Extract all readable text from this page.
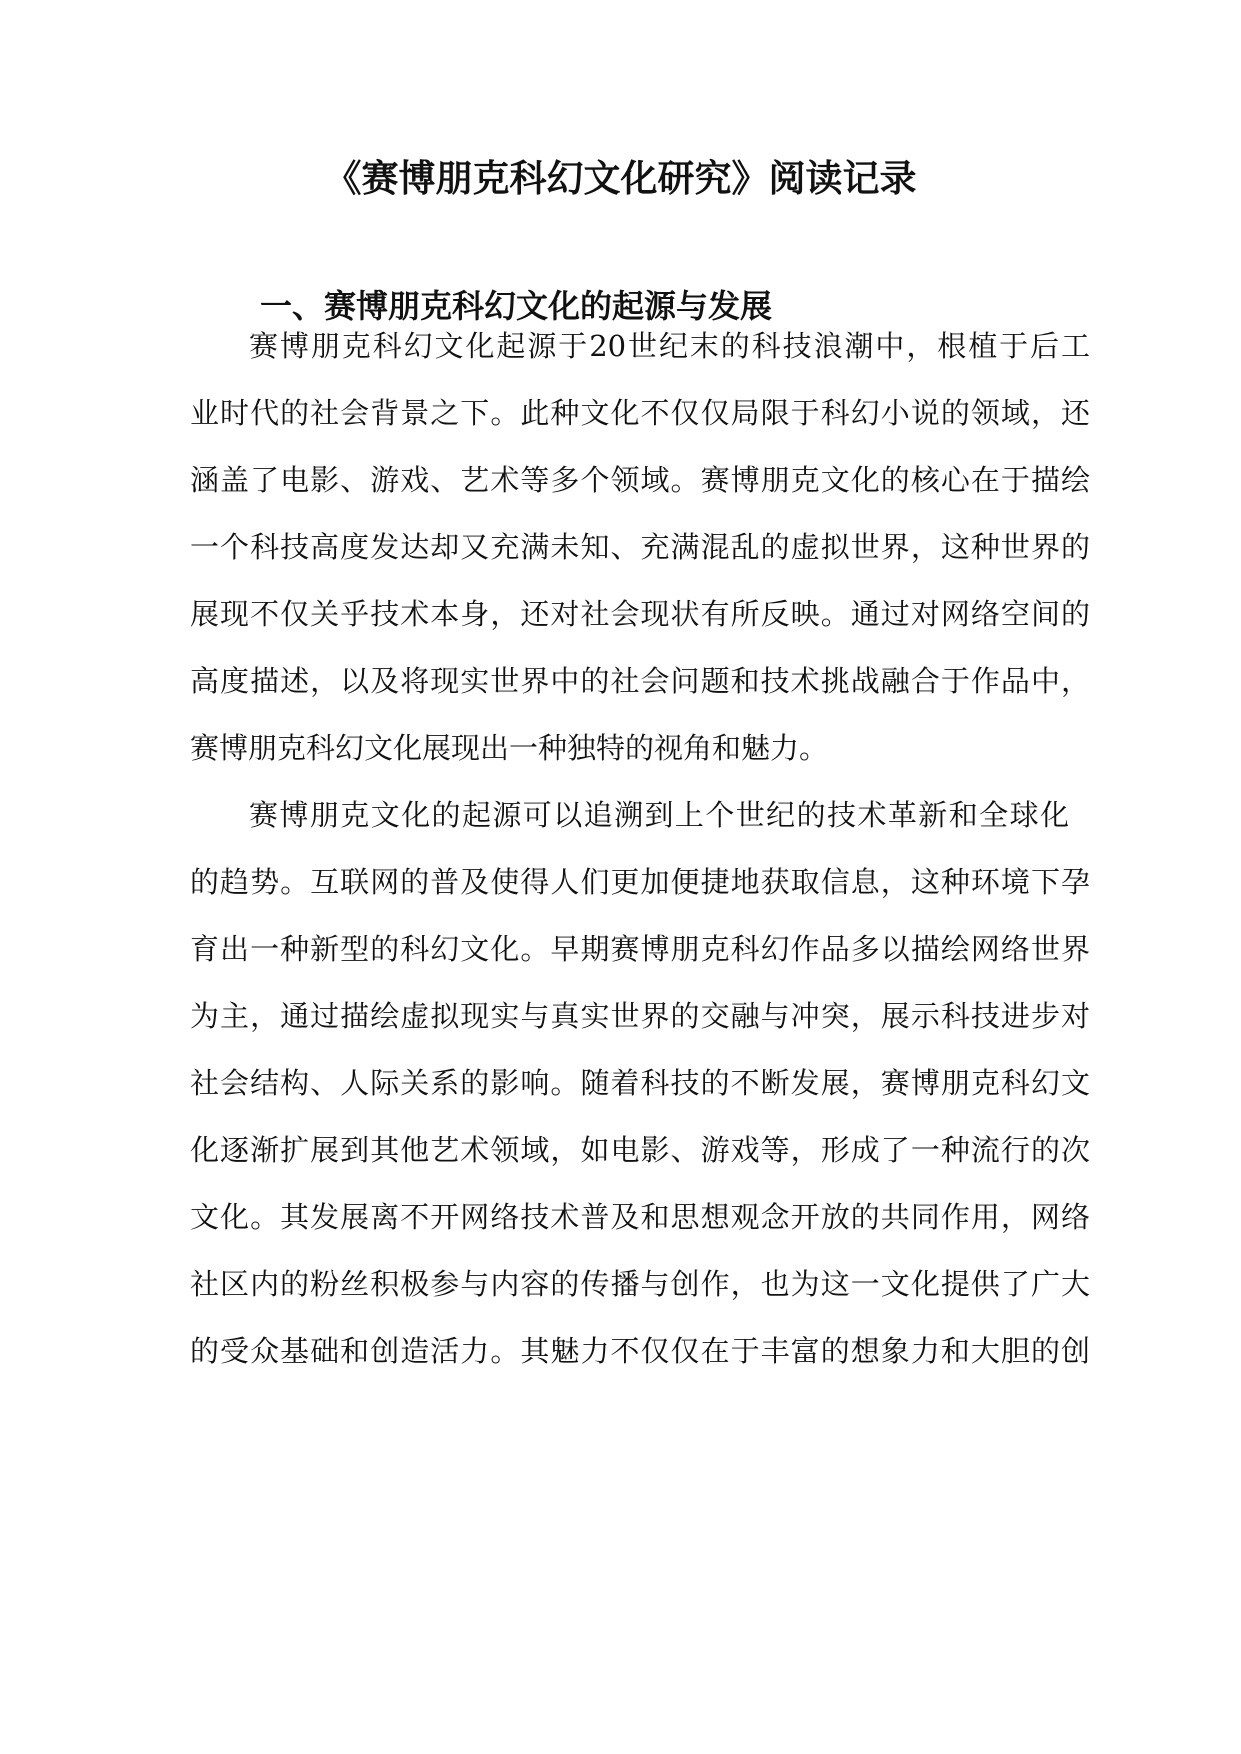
《赛博朋克科幻文化研究》阅读记录
一、赛博朋克科幻文化的起源与发展
赛博朋克科幻文化起源于20世纪末的科技浪潮中，根植于后工
业时代的社会背景之下。此种文化不仅仅局限于科幻小说的领域，还
涵盖了电影、游戏、艺术等多个领域。赛博朋克文化的核心在于描绘
一个科技高度发达却又充满未知、充满混乱的虚拟世界，这种世界的
展现不仅关乎技术本身，还对社会现状有所反映。通过对网络空间的
高度描述，以及将现实世界中的社会问题和技术挑战融合于作品中，
赛博朋克科幻文化展现出一种独特的视角和魅力。
赛博朋克文化的起源可以追溯到上个世纪的技术革新和全球化
的趋势。互联网的普及使得人们更加便捷地获取信息，这种环境下孕
育出一种新型的科幻文化。早期赛博朋克科幻作品多以描绘网络世界
为主，通过描绘虚拟现实与真实世界的交融与冲突，展示科技进步对
社会结构、人际关系的影响。随着科技的不断发展，赛博朋克科幻文
化逐渐扩展到其他艺术领域，如电影、游戏等，形成了一种流行的次
文化。其发展离不开网络技术普及和思想观念开放的共同作用，网络
社区内的粉丝积极参与内容的传播与创作，也为这一文化提供了广大
的受众基础和创造活力。其魅力不仅仅在于丰富的想象力和大胆的创
